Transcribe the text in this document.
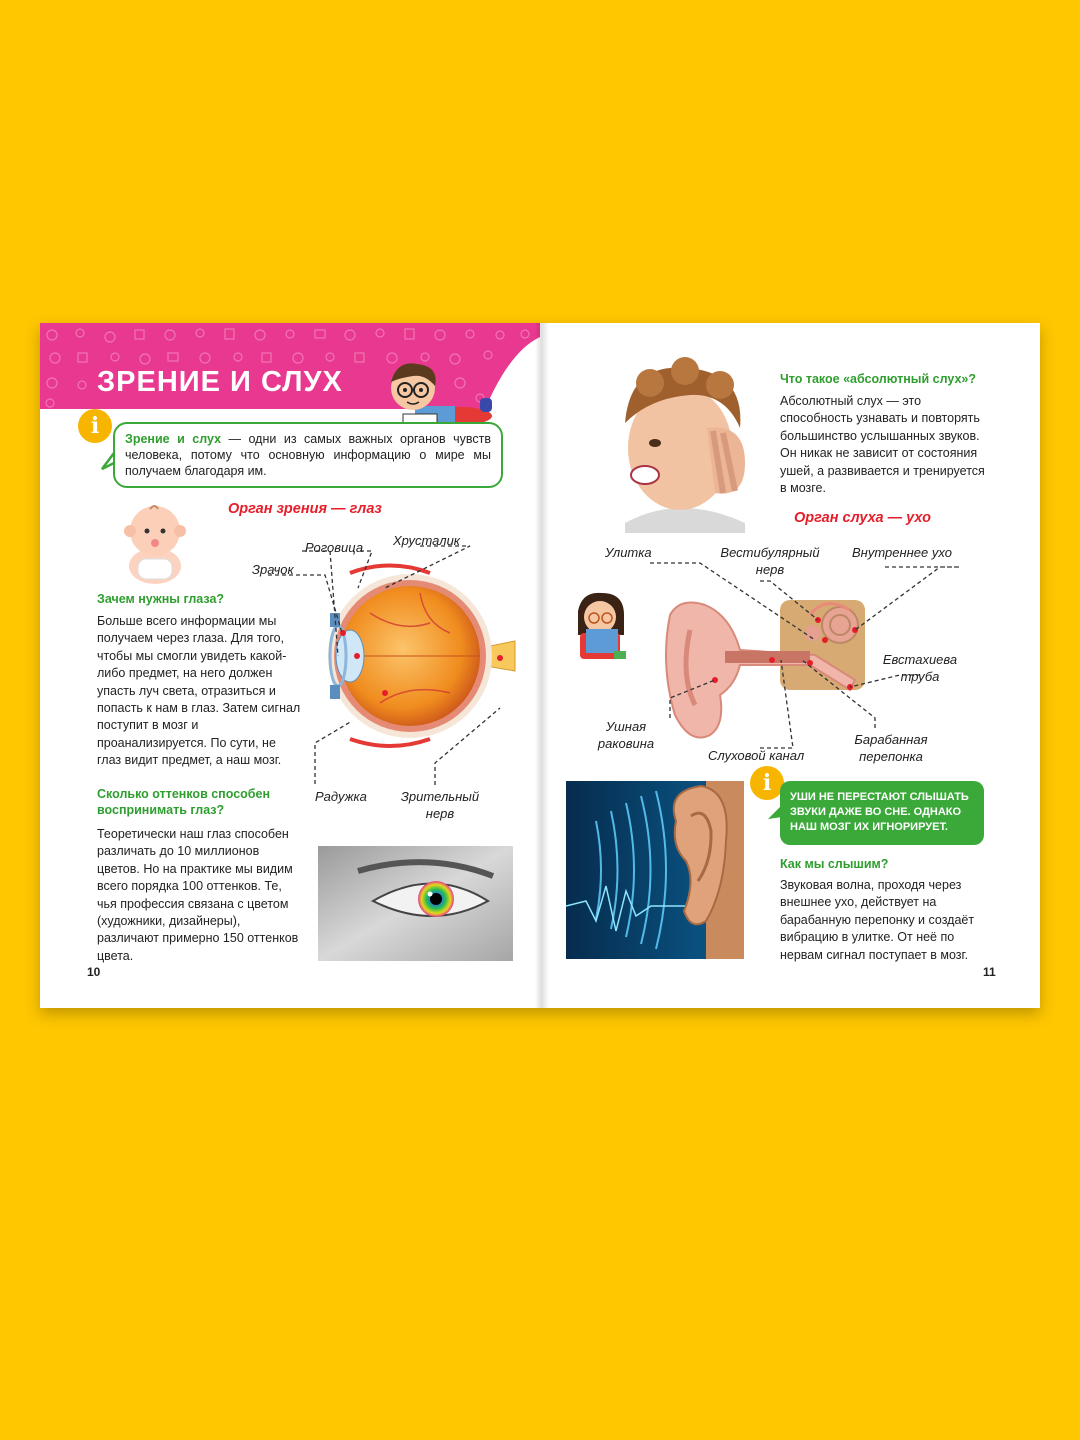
ЗРЕНИЕ И СЛУХ
i	Зрение и слух — одни из самых важных органов чувств человека, потому что основную информацию о мире мы получаем благодаря им.
Орган зрения — глаз
Роговица Хрусталик
Зрачок
Радужка	Зрительный
нерв
Зачем нужны глаза?
Больше всего информации мы получаем через глаза. Для того, чтобы мы смогли увидеть какой-либо предмет, на него должен упасть луч света, отразиться и попасть к нам в глаз. Затем сигнал поступит в мозг и проанализируется. По сути, не глаз видит предмет, а наш мозг.
Сколько оттенков способен
воспринимать глаз?
Теоретически наш глаз способен различать до 10 миллионов цветов. Но на практике мы видим всего порядка 100 оттенков. Те, чья профессия связана с цветом (художники, дизайнеры), различают примерно 150 оттенков цвета.
10
Что такое «абсолютный слух»?
Абсолютный слух — это способность узнавать и повторять большинство услышанных звуков. Он никак не зависит от состояния ушей, а развивается и тренируется в мозге.
Орган слуха — ухо
Улитка	Вестибулярный
нерв
Внутреннее ухо
Евстахиева
труба
Ушная
раковина
Слуховой канал
Барабанная
перепонка
i
УШИ НЕ ПЕРЕСТАЮТ СЛЫШАТЬ ЗВУКИ ДАЖЕ ВО СНЕ. ОДНАКО НАШ МОЗГ ИХ ИГНОРИРУЕТ.
Как мы слышим?
Звуковая волна, проходя через внешнее ухо, действует на барабанную перепонку и создаёт вибрацию в улитке. От неё по нервам сигнал поступает в мозг.
11
